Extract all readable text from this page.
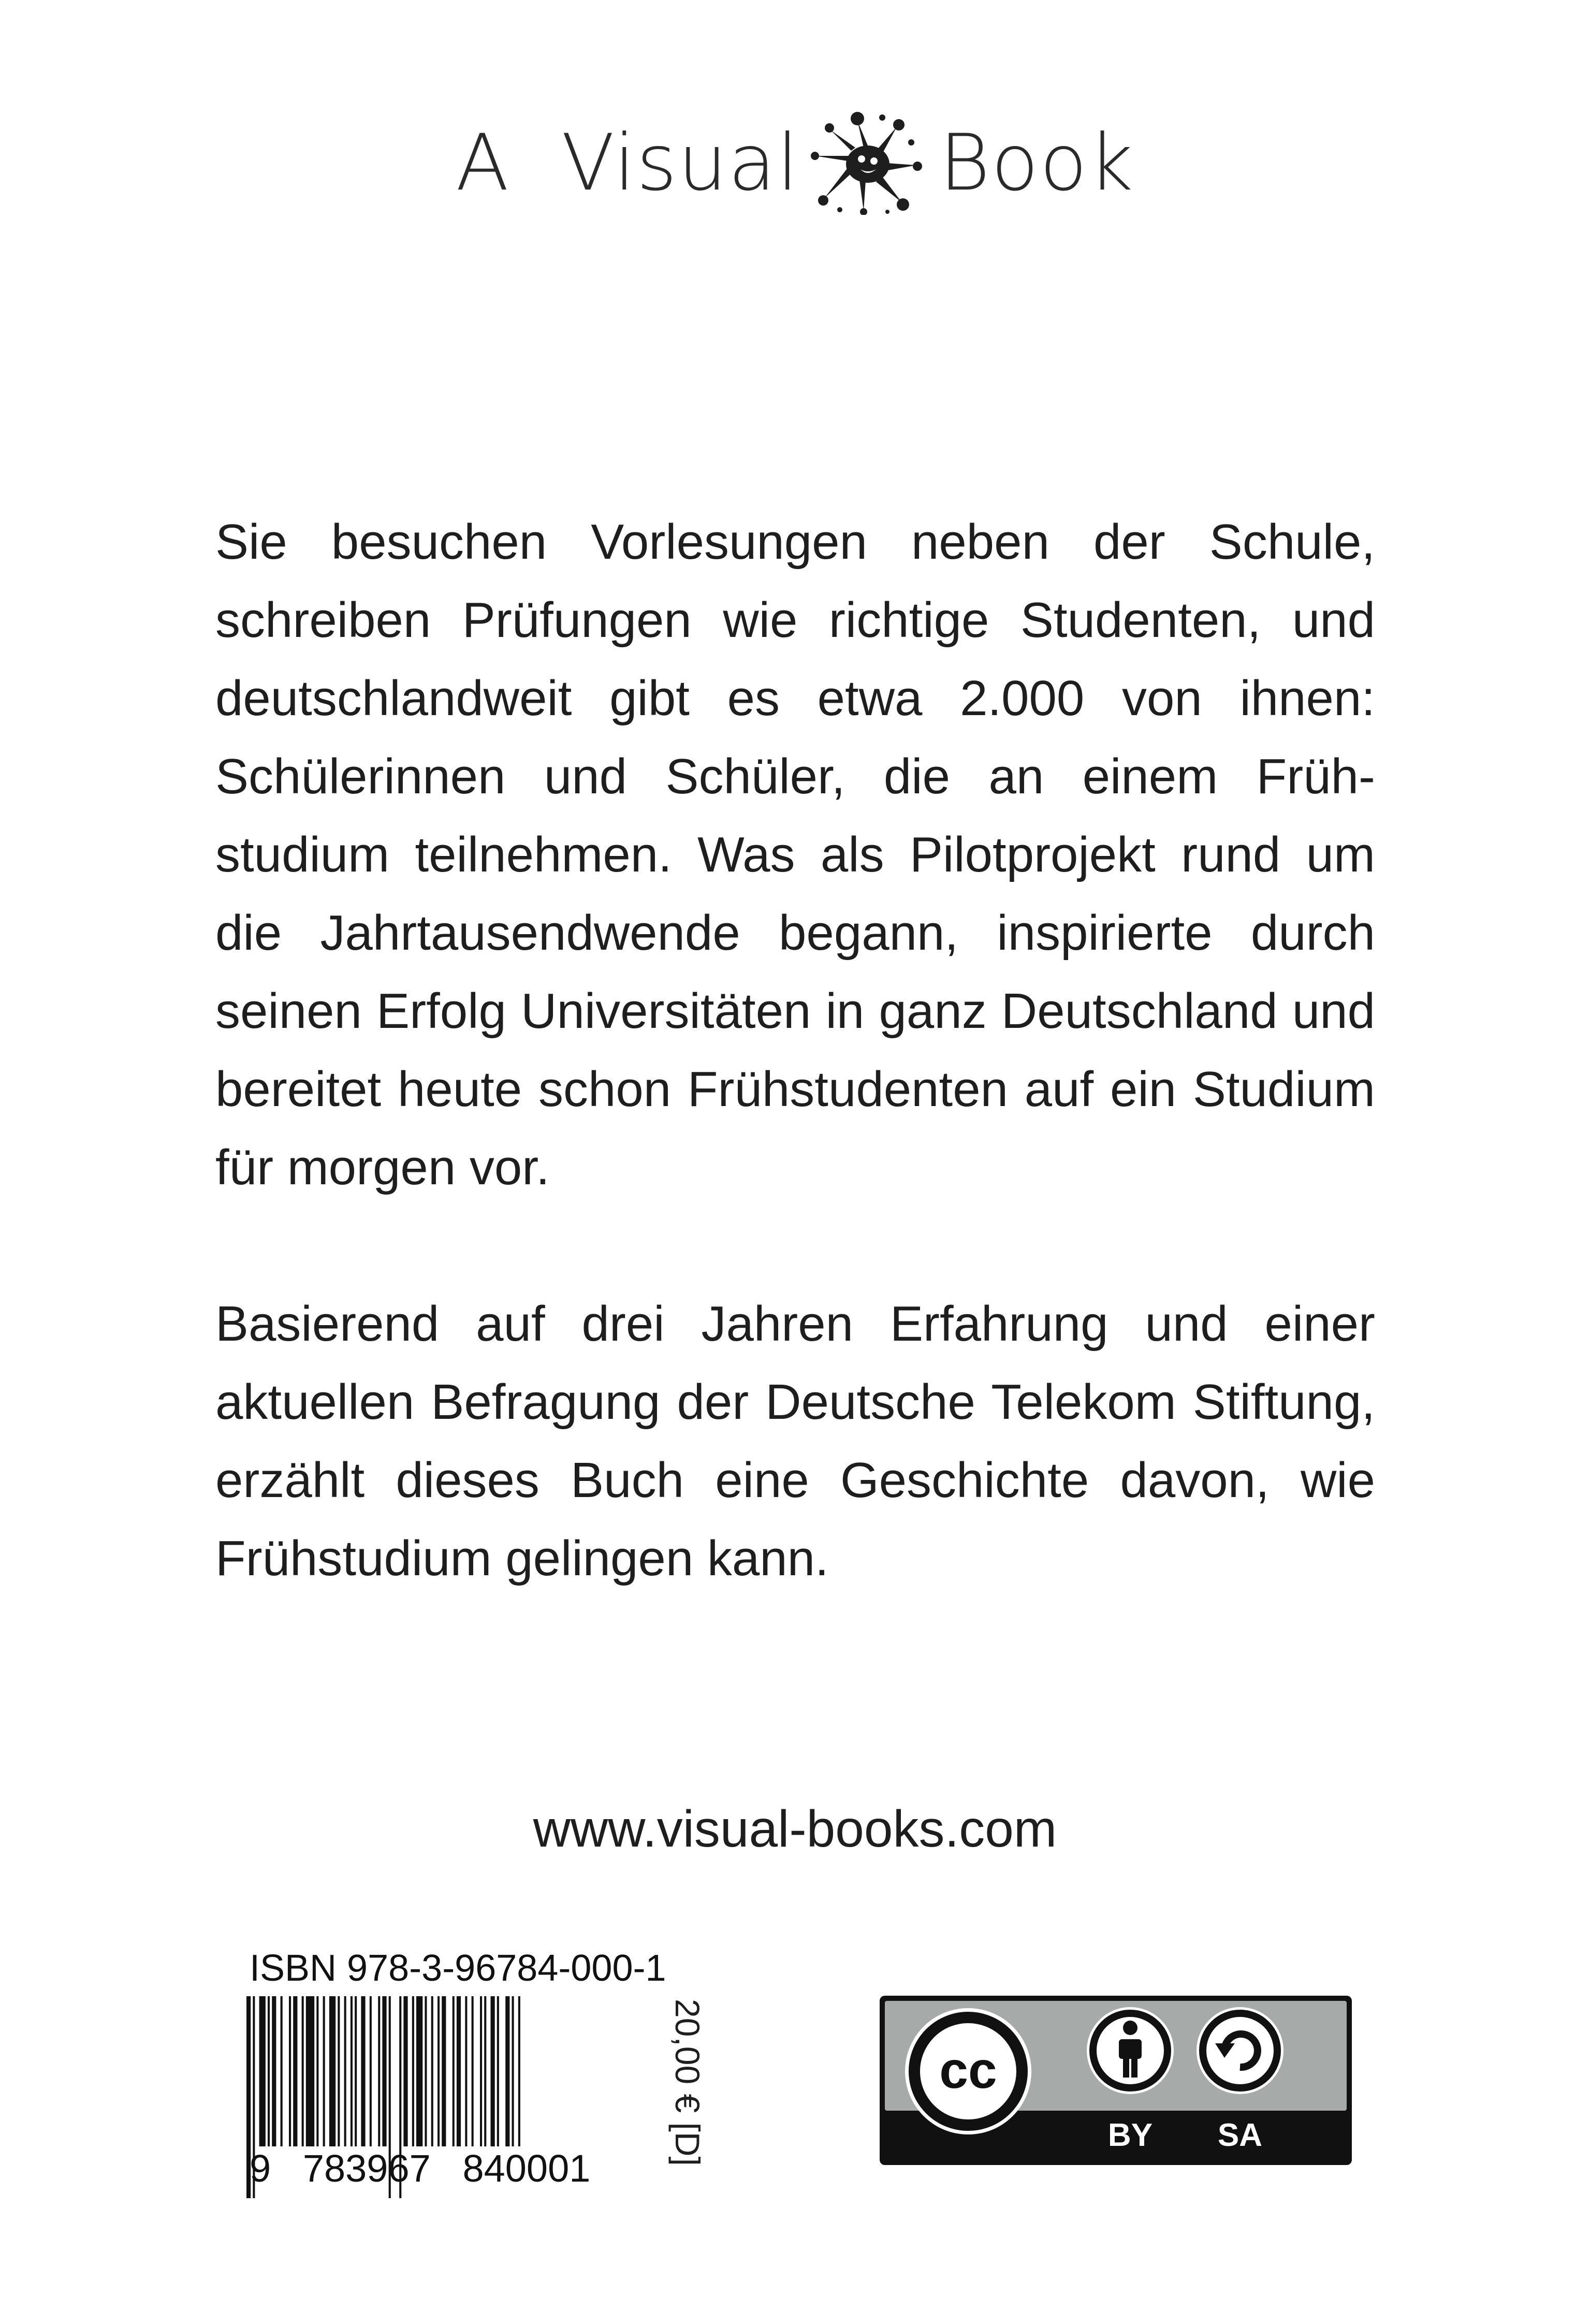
A
Visual Book

Sie besuchen Vorlesungen neben der Schule, schreiben Prüfungen wie richtige Studenten, und deutschlandweit gibt es etwa 2.000 von ihnen: Schülerinnen und Schüler, die an einem Frühstudium teilnehmen. Was als Pilotprojekt rund um die Jahrtausendwende begann, inspirierte durch seinen Erfolg Universitäten in ganz Deutschland und bereitet heute schon Frühstudenten auf ein Studium für morgen vor.

Basierend auf drei Jahren Erfahrung und einer aktuellen Befragung der Deutsche Telekom Stiftung, erzählt dieses Buch eine Geschichte davon, wie Frühstudium gelingen kann.

www.visual-books.com
ISBN 978-3-96784-000-1
9   783967   840001
20,00 € [D]	cc
BY SA
